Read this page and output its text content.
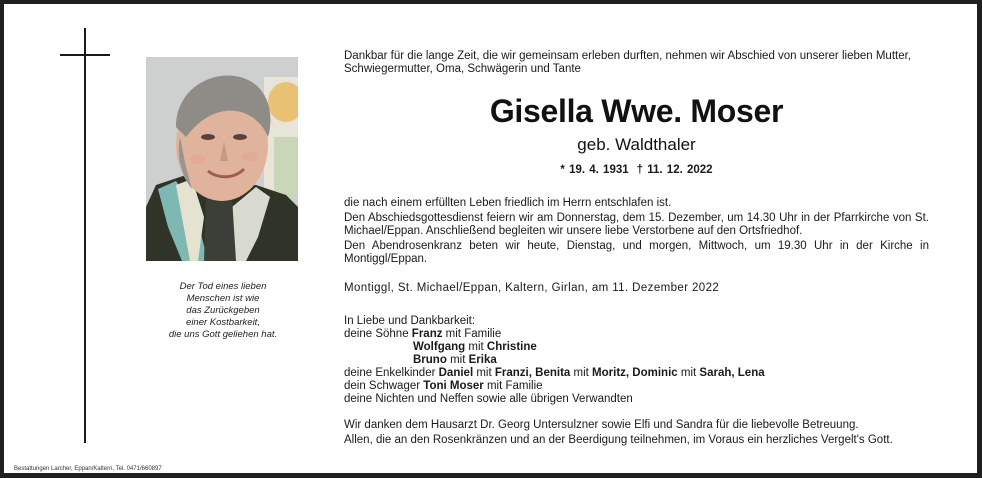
Der Tod eines lieben
Menschen ist wie
das Zurückgeben
einer Kostbarkeit,
die uns Gott geliehen hat.
Dankbar für die lange Zeit, die wir gemeinsam erleben durften, nehmen wir Abschied von unserer lieben Mutter, Schwiegermutter, Oma, Schwägerin und Tante
Gisella Wwe. Moser
geb. Waldthaler
* 19. 4. 1931 † 11. 12. 2022
die nach einem erfüllten Leben friedlich im Herrn entschlafen ist.
Den Abschiedsgottesdienst feiern wir am Donnerstag, dem 15. Dezember, um 14.30 Uhr in der Pfarrkirche von St. Michael/Eppan. Anschließend begleiten wir unsere liebe Verstorbene auf den Ortsfriedhof.
Den Abendrosenkranz beten wir heute, Dienstag, und morgen, Mittwoch, um 19.30 Uhr in der Kirche in Montiggl/Eppan.
Montiggl, St. Michael/Eppan, Kaltern, Girlan, am 11. Dezember 2022
In Liebe und Dankbarkeit:
deine Söhne Franz mit Familie
Wolfgang mit Christine
Bruno mit Erika
deine Enkelkinder Daniel mit Franzi, Benita mit Moritz, Dominic mit Sarah, Lena
dein Schwager Toni Moser mit Familie
deine Nichten und Neffen sowie alle übrigen Verwandten
Wir danken dem Hausarzt Dr. Georg Untersulzner sowie Elfi und Sandra für die liebevolle Betreuung.
Allen, die an den Rosenkränzen und an der Beerdigung teilnehmen, im Voraus ein herzliches Vergelt's Gott.
Bestattungen Larcher, Eppan/Kaltern, Tel. 0471/660897
